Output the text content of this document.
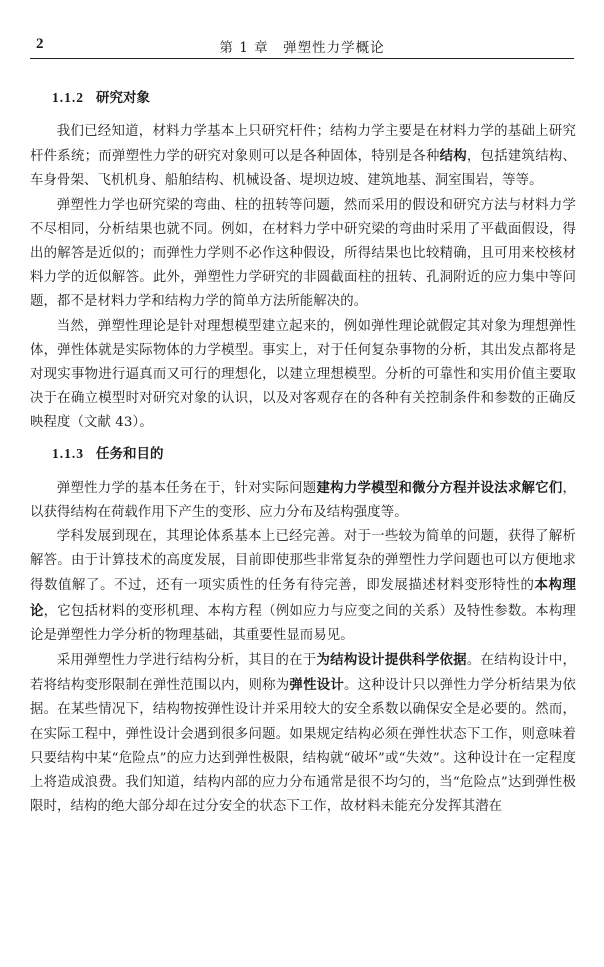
2	第 1 章　弹塑性力学概论
1.1.2 研究对象

我们已经知道，材料力学基本上只研究杆件；结构力学主要是在材料力学的基础上研究杆件系统；而弹塑性力学的研究对象则可以是各种固体，特别是各种结构，包括建筑结构、车身骨架、飞机机身、船舶结构、机械设备、堤坝边坡、建筑地基、洞室围岩，等等。

弹塑性力学也研究梁的弯曲、柱的扭转等问题，然而采用的假设和研究方法与材料力学不尽相同，分析结果也就不同。例如，在材料力学中研究梁的弯曲时采用了平截面假设，得出的解答是近似的；而弹性力学则不必作这种假设，所得结果也比较精确，且可用来校核材料力学的近似解答。此外，弹塑性力学研究的非圆截面柱的扭转、孔洞附近的应力集中等问题，都不是材料力学和结构力学的简单方法所能解决的。

当然，弹塑性理论是针对理想模型建立起来的，例如弹性理论就假定其对象为理想弹性体，弹性体就是实际物体的力学模型。事实上，对于任何复杂事物的分析，其出发点都将是对现实事物进行逼真而又可行的理想化，以建立理想模型。分析的可靠性和实用价值主要取决于在确立模型时对研究对象的认识，以及对客观存在的各种有关控制条件和参数的正确反映程度（文献 43）。

1.1.3 任务和目的

弹塑性力学的基本任务在于，针对实际问题建构力学模型和微分方程并设法求解它们，以获得结构在荷载作用下产生的变形、应力分布及结构强度等。

学科发展到现在，其理论体系基本上已经完善。对于一些较为简单的问题，获得了解析解答。由于计算技术的高度发展，目前即使那些非常复杂的弹塑性力学问题也可以方便地求得数值解了。不过，还有一项实质性的任务有待完善，即发展描述材料变形特性的本构理论，它包括材料的变形机理、本构方程（例如应力与应变之间的关系）及特性参数。本构理论是弹塑性力学分析的物理基础，其重要性显而易见。

采用弹塑性力学进行结构分析，其目的在于为结构设计提供科学依据。在结构设计中，若将结构变形限制在弹性范围以内，则称为弹性设计。这种设计只以弹性力学分析结果为依据。在某些情况下，结构物按弹性设计并采用较大的安全系数以确保安全是必要的。然而，在实际工程中，弹性设计会遇到很多问题。如果规定结构必须在弹性状态下工作，则意味着只要结构中某“危险点”的应力达到弹性极限，结构就“破坏”或“失效”。这种设计在一定程度上将造成浪费。我们知道，结构内部的应力分布通常是很不均匀的，当“危险点”达到弹性极限时，结构的绝大部分却在过分安全的状态下工作，故材料未能充分发挥其潜在
